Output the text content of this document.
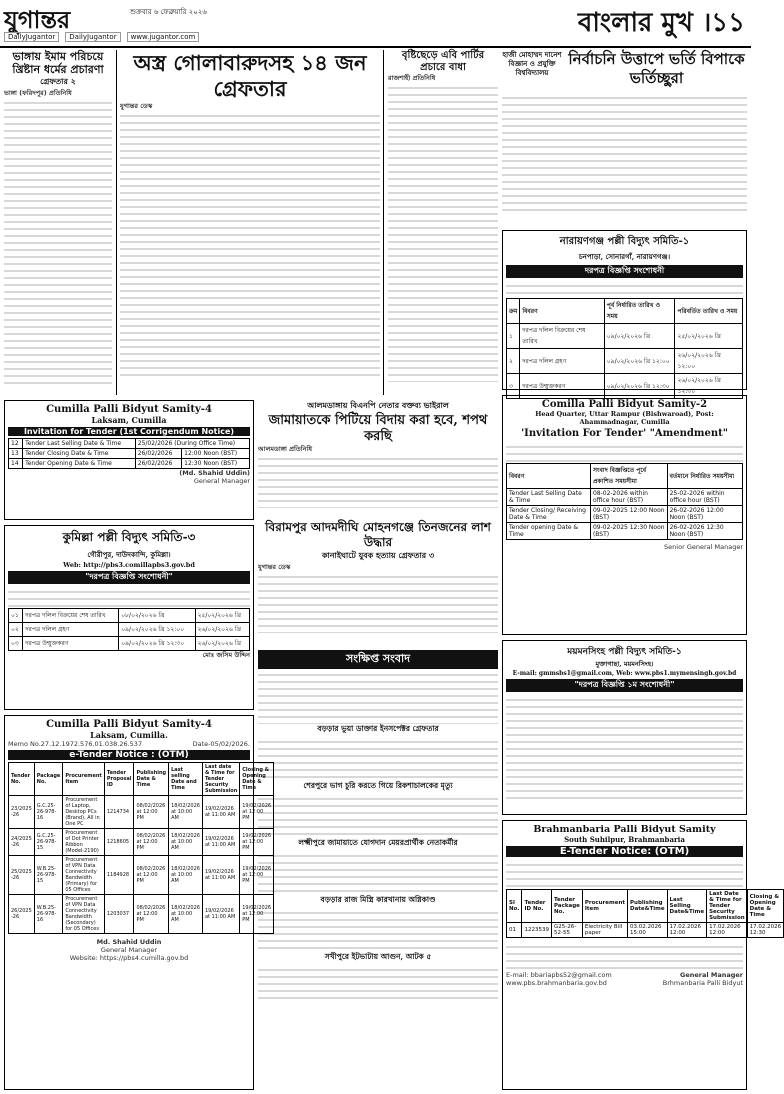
যুগান্তর	শুক্রবার ৬ ফেব্রুয়ারি ২০২৬	বাংলার মুখ ।১১
DailyJugantor	DailyJugantor	www.jugantor.com
ভাঙ্গায় ইমাম পরিচয়ে খ্রিষ্টান ধর্মের প্রচারণা
গ্রেফতার ২
ভাঙ্গা (ফরিদপুর) প্রতিনিধি
অস্ত্র গোলাবারুদসহ ১৪ জন গ্রেফতার
যুগান্তর ডেস্ক
বৃষ্টিছেড়ে এবি পার্টির প্রচারে বাধা
রাজশাহী প্রতিনিধি
হাজী মোহাম্মদ দানেশ বিজ্ঞান ও প্রযুক্তি বিশ্ববিদ্যালয়
নির্বাচনি উত্তাপে ভর্তি বিপাকে ভর্তিচ্ছুরা
নারায়ণগঞ্জ পল্লী বিদ্যুৎ সমিতি-১
চনপাড়া, সোনারগাঁ, নারায়ণগঞ্জ।
দরপত্র বিজ্ঞপ্তি সংশোধনী
ক্রম	বিবরণ	পূর্ব নির্ধারিত তারিখ ও সময়	পরিবর্তিত তারিখ ও সময়
১	দরপত্র দলিল বিক্রয়ের শেষ তারিখ	০৯/০২/২০২৬ খ্রি	২৫/০২/২০২৬ খ্রি
২	দরপত্র দলিল গ্রহণ	০৯/০২/২০২৬ খ্রি ১২:০০	২৬/০২/২০২৬ খ্রি ১২:০০
৩	দরপত্র উন্মুক্তকরণ	০৯/০২/২০২৬ খ্রি ১২:৩০	২৬/০২/২০২৬ খ্রি ১২:৩০
Cumilla Palli Bidyut Samity-4
Laksam, Cumilla
Invitation for Tender (1st Corrigendum Notice)
12	Tender Last Selling Date & Time	25/02/2026 (During Office Time)	
13	Tender Closing Date & Time	26/02/2026	12:00 Noon (BST)
14	Tender Opening Date & Time	26/02/2026	12:30 Noon (BST)
(Md. Shahid Uddin)
General Manager
আলমডাঙ্গায় বিএনপি নেতার বক্তব্য ভাইরাল
জামায়াতকে পিটিয়ে বিদায় করা হবে, শপথ করছি
আলমডাঙ্গা প্রতিনিধি
Comilla Palli Bidyut Samity-2
Head Quarter, Uttar Rampur (Bishwaroad), Post: Ahammadnagar, Cumilla
'Invitation For Tender' "Amendment"
বিবরণ	সংবাদ বিজ্ঞপ্তিতে পূর্বে প্রকাশিত সময়সীমা	বর্তমানে নির্ধারিত সময়সীমা
Tender Last Selling Date & Time	08-02-2026 within office hour (BST)	25-02-2026 within office hour (BST)
Tender Closing/ Receiving Date & Time	09-02-2025 12:00 Noon (BST)	26-02-2026 12:00 Noon (BST)
Tender opening Date & Time	09-02-2025 12:30 Noon (BST)	26-02-2026 12:30 Noon (BST)
Senior General Manager
কুমিল্লা পল্লী বিদ্যুৎ সমিতি-৩
গৌরীপুর, দাউদকান্দি, কুমিল্লা।
Web: http://pbs3.comillapbs3.gov.bd
"দরপত্র বিজ্ঞপ্তি সংশোধনী"
০১	দরপত্র দলিল বিক্রয়ের শেষ তারিখ	০৮/০২/২০২৬ খ্রি	২৫/০২/২০২৬ খ্রি
০২	দরপত্র দলিল গ্রহণ	০৯/০২/২০২৬ খ্রি ১২:০০	২৬/০২/২০২৬ খ্রি
০৩	দরপত্র উন্মুক্তকরণ	০৯/০২/২০২৬ খ্রি ১২:৩০	২৬/০২/২০২৬ খ্রি
মোঃ জসিম উদ্দিন
বিরামপুর আদমদীঘি মোহনগঞ্জে তিনজনের লাশ উদ্ধার
কানাইঘাটে যুবক হত্যায় গ্রেফতার ৩
যুগান্তর ডেস্ক
ময়মনসিংহ পল্লী বিদ্যুৎ সমিতি-১
মুক্তাগাছা, ময়মনসিংহ।
E-mail: gmmsbs1@gmail.com, Web: www.pbs1.mymensingh.gov.bd
"দরপত্র বিজ্ঞপ্তি ১ম সংশোধনী"
সংক্ষিপ্ত সংবাদ
বড়ড়ার ভুয়া ডাক্তার ইনসপেক্টর গ্রেফতার
শেরপুরে ভাগ চুরি করতে গিয়ে রিকশাচালকের মৃত্যু
লক্ষ্মীপুরে জামায়াতে যোগদান মেয়রপ্রার্থীক নেতাকর্মীর
বড়ড়ার রাজ মিস্ত্রি কারখানায় অগ্নিকাণ্ড
সখীপুরে ইটভাটায় আগুন, আটক ৫
Cumilla Palli Bidyut Samity-4
Laksam, Cumilla.
Memo No.27.12.1972.576.01.038.26.537	Date-05/02/2026.
e-Tender Notice : (OTM)
Tender No.	Package No.	Procurement Item	Tender Proposal ID	Publishing Date & Time	Last selling Date and Time	Last date & Time for Tender Security Submission	Closing & Opening Date & Time
23/2025 -26	G.C.25-26-978-16	Procurement of Laptop, Desktop PCs (Brand), All in One PC	1214734	08/02/2026 at 12:00 PM	18/02/2026 at 10:00 AM	19/02/2026 at 11:00 AM	19/02/2026 at 12:00 PM
24/2025 -26	G.C.25-26-978-15	Procurement of Dot Printer Ribbon (Model-2190)	1218605	08/02/2026 at 12:00 PM	18/02/2026 at 10:00 AM	19/02/2026 at 11:00 AM	19/02/2026 at 12:00 PM
25/2025 -26	W.B.25-26-978-15	Procurement of VPN Data Connectivity Bandwidth (Primary) for 05 Offices	1184928	08/02/2026 at 12:00 PM	18/02/2026 at 10:00 AM	19/02/2026 at 11:00 AM	19/02/2026 at 12:00 PM
26/2025 -26	W.B.25-26-978-16	Procurement of VPN Data Connectivity Bandwidth (Secondary) for 05 Offices	1203037	08/02/2026 at 12:00 PM	18/02/2026 at 10:00 AM	19/02/2026 at 11:00 AM	19/02/2026 at 12:00 PM
Md. Shahid Uddin
General Manager
Website: https://pbs4.cumilla.gov.bd
Brahmanbaria Palli Bidyut Samity
South Suhilpur, Brahmanbaria
E-Tender Notice: (OTM)
Sl No.	Tender ID No.	Tender Package No.	Procurement Item	Publishing Date&Time	Last Selling Date&Time	Last Date & Time for Tender Security Submission	Closing & Opening Date & Time
01	1223539	G25-26-52-55	Electricity Bill paper	03.02.2026 15:00	17.02.2026 12:00	17.02.2026 12:00	17.02.2026 12:30
E-mail: bbariapbs52@gmail.com	General Manager
www.pbs.brahmanbaria.gov.bd	Brhmanbaria Palli Bidyut
